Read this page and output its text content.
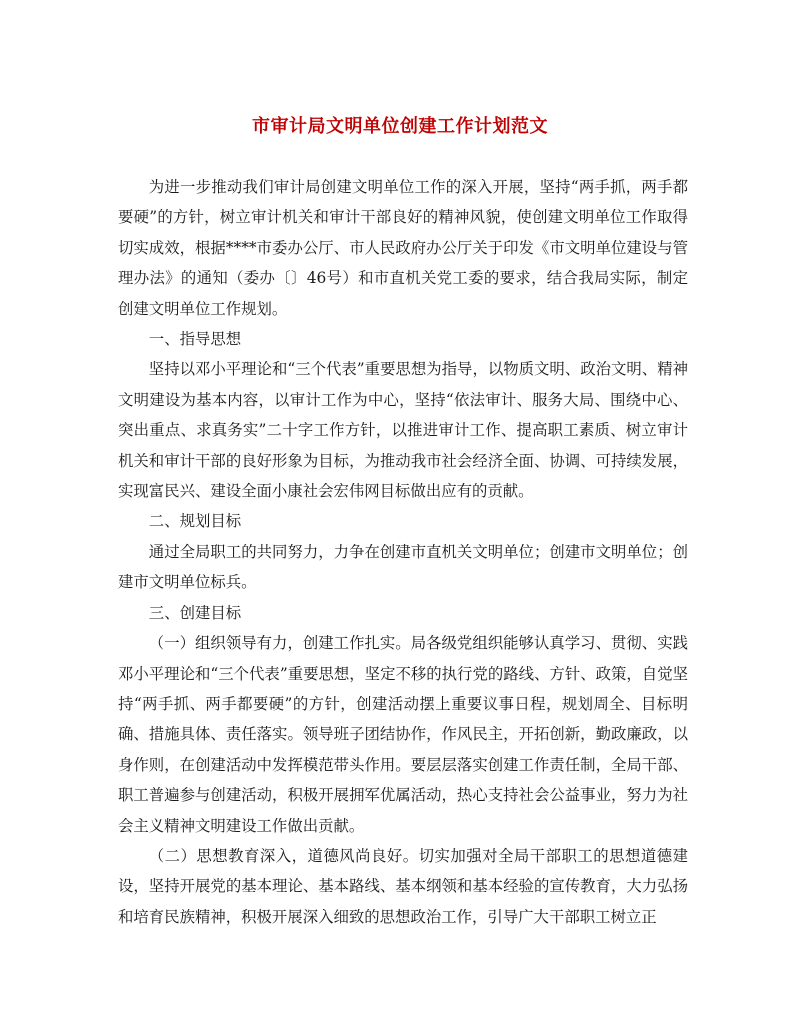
市审计局文明单位创建工作计划范文

为进一步推动我们审计局创建文明单位工作的深入开展，坚持“两手抓，两手都要硬”的方针，树立审计机关和审计干部良好的精神风貌，使创建文明单位工作取得切实成效，根据****市委办公厅、市人民政府办公厅关于印发《市文明单位建设与管理办法》的通知（委办〔〕46号）和市直机关党工委的要求，结合我局实际，制定创建文明单位工作规划。

一、指导思想

坚持以邓小平理论和“三个代表”重要思想为指导，以物质文明、政治文明、精神文明建设为基本内容，以审计工作为中心，坚持“依法审计、服务大局、围绕中心、突出重点、求真务实”二十字工作方针，以推进审计工作、提高职工素质、树立审计机关和审计干部的良好形象为目标，为推动我市社会经济全面、协调、可持续发展，实现富民兴、建设全面小康社会宏伟网目标做出应有的贡献。

二、规划目标

通过全局职工的共同努力，力争在创建市直机关文明单位；创建市文明单位；创建市文明单位标兵。

三、创建目标

（一）组织领导有力，创建工作扎实。局各级党组织能够认真学习、贯彻、实践邓小平理论和“三个代表”重要思想，坚定不移的执行党的路线、方针、政策，自觉坚持“两手抓、两手都要硬”的方针，创建活动摆上重要议事日程，规划周全、目标明确、措施具体、责任落实。领导班子团结协作，作风民主，开拓创新，勤政廉政，以身作则，在创建活动中发挥模范带头作用。要层层落实创建工作责任制，全局干部、职工普遍参与创建活动，积极开展拥军优属活动，热心支持社会公益事业，努力为社会主义精神文明建设工作做出贡献。

（二）思想教育深入，道德风尚良好。切实加强对全局干部职工的思想道德建设，坚持开展党的基本理论、基本路线、基本纲领和基本经验的宣传教育，大力弘扬和培育民族精神，积极开展深入细致的思想政治工作，引导广大干部职工树立正
